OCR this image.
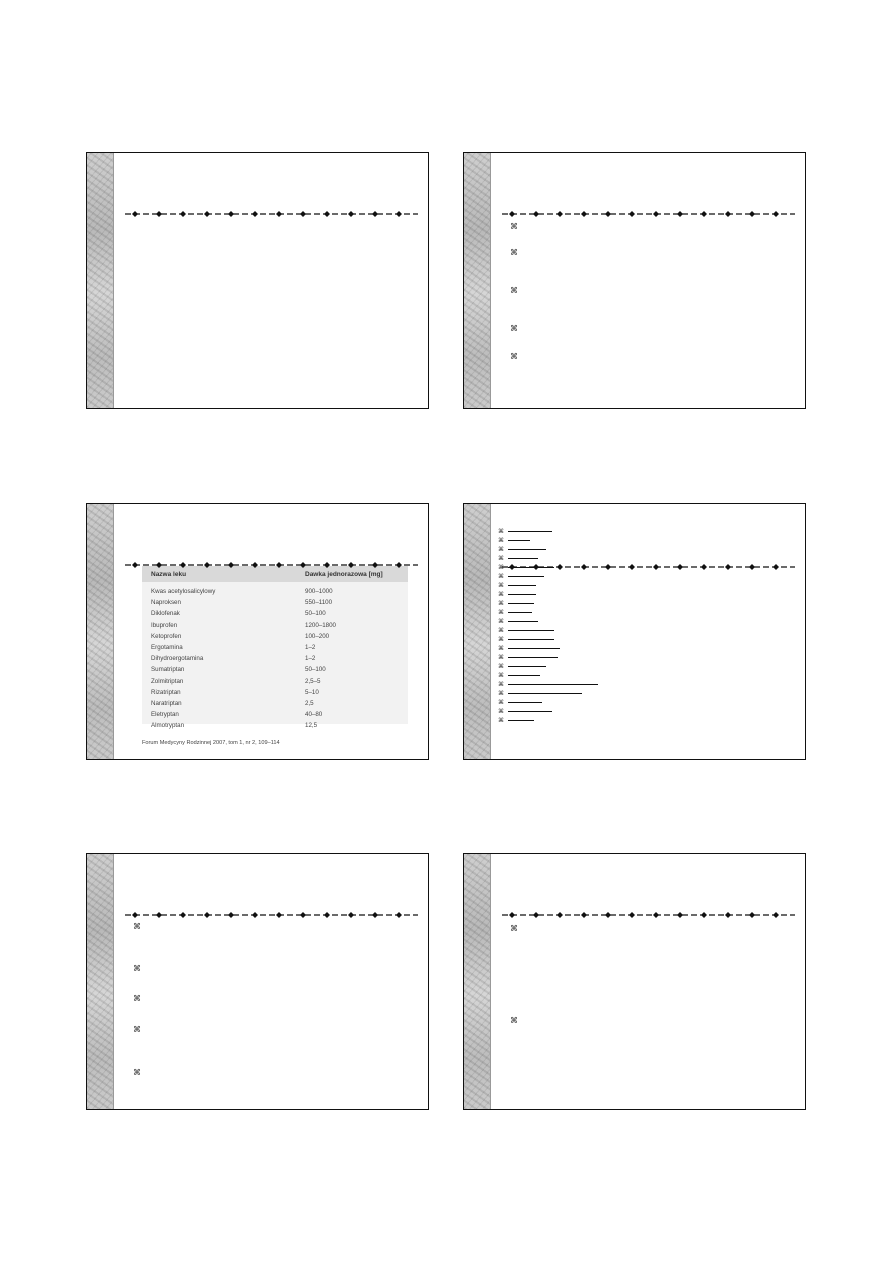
⌘
⌘
⌘
⌘
⌘
Nazwa leku	Dawka jednorazowa [mg]
Kwas acetylosalicylowy	900–1000
Naproksen	550–1100
Diklofenak	50–100
Ibuprofen	1200–1800
Ketoprofen	100–200
Ergotamina	1–2
Dihydroergotamina	1–2
Sumatriptan	50–100
Zolmitriptan	2,5–5
Rizatriptan	5–10
Naratriptan	2,5
Eletryptan	40–80
Almotryptan	12,5
Forum Medycyny Rodzinnej 2007, tom 1, nr 2, 109–114
⌘
⌘
⌘
⌘
⌘
⌘
⌘
⌘
⌘
⌘
⌘
⌘
⌘
⌘
⌘
⌘
⌘
⌘
⌘
⌘
⌘
⌘
⌘
⌘
⌘
⌘
⌘
⌘
⌘
